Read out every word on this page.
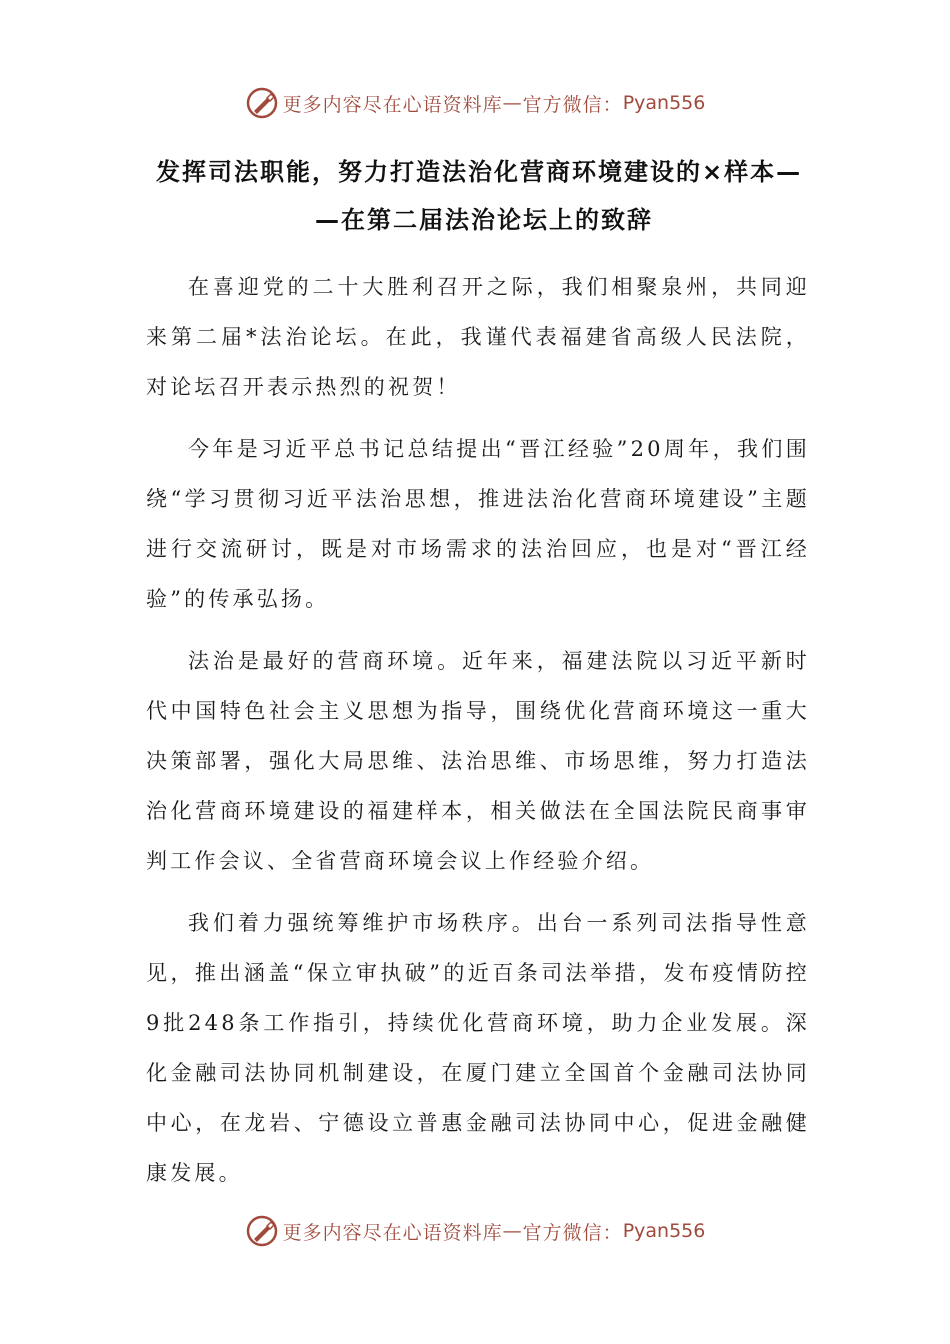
更多内容尽在心语资料库 — 官方微信： Pyan556
发挥司法职能，努力打造法治化营商环境建设的×样本—
—在第二届法治论坛上的致辞

在喜迎党的二十大胜利召开之际，我们相聚泉州，共同迎来第二届*法治论坛。在此，我谨代表福建省高级人民法院，对论坛召开表示热烈的祝贺！

今年是习近平总书记总结提出“晋江经验”20周年，我们围绕“学习贯彻习近平法治思想，推进法治化营商环境建设”主题进行交流研讨，既是对市场需求的法治回应，也是对“晋江经验”的传承弘扬。

法治是最好的营商环境。近年来，福建法院以习近平新时代中国特色社会主义思想为指导，围绕优化营商环境这一重大决策部署，强化大局思维、法治思维、市场思维，努力打造法治化营商环境建设的福建样本，相关做法在全国法院民商事审判工作会议、全省营商环境会议上作经验介绍。

我们着力强统筹维护市场秩序。出台一系列司法指导性意见，推出涵盖“保立审执破”的近百条司法举措，发布疫情防控9批248条工作指引，持续优化营商环境，助力企业发展。深化金融司法协同机制建设，在厦门建立全国首个金融司法协同中心，在龙岩、宁德设立普惠金融司法协同中心，促进金融健康发展。

更多内容尽在心语资料库 — 官方微信： Pyan556
